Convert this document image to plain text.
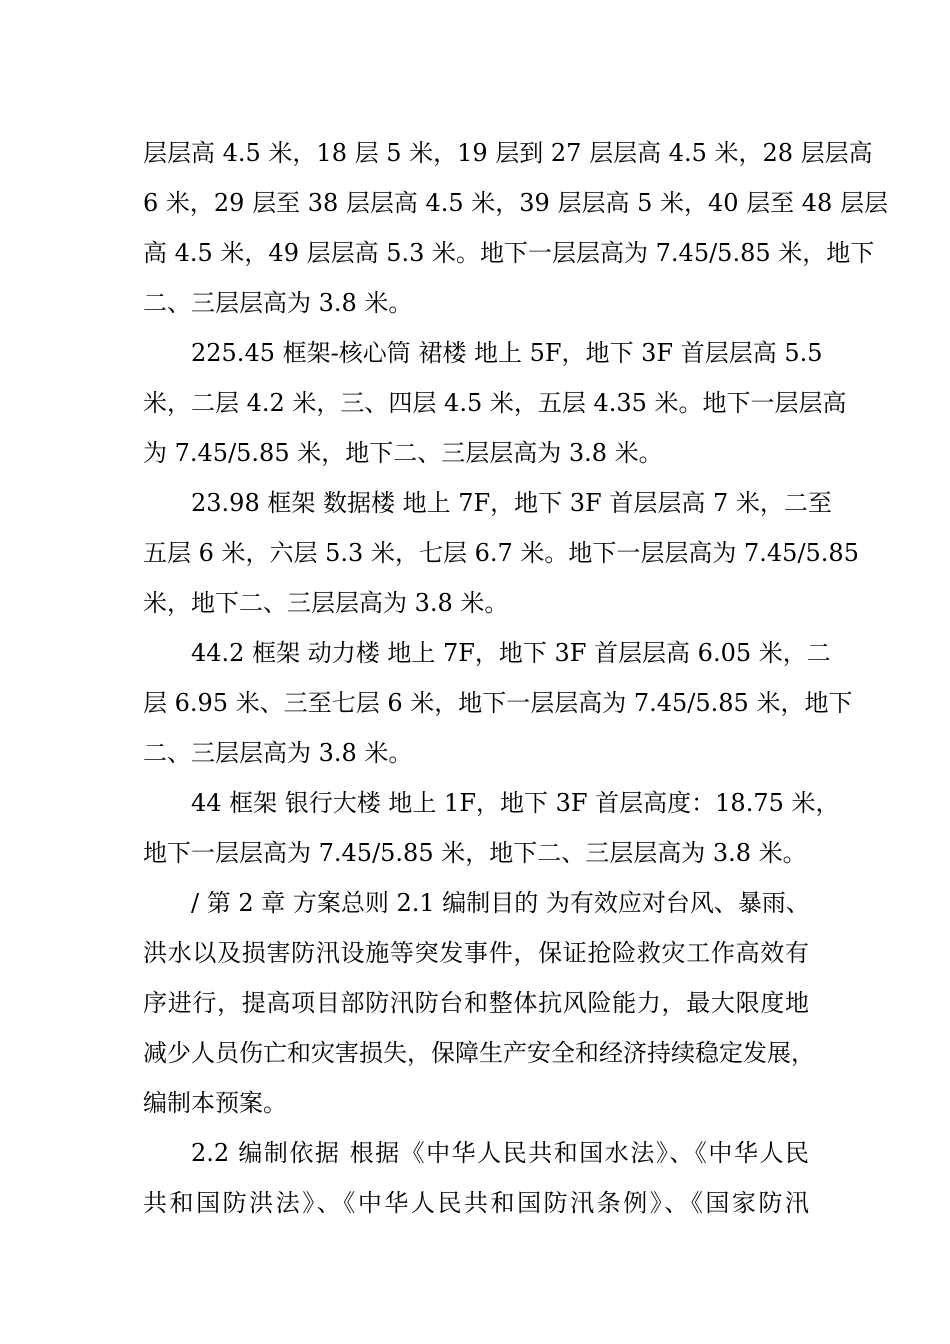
层层高 4.5 米，18 层 5 米，19 层到 27 层层高 4.5 米，28 层层高
6 米，29 层至 38 层层高 4.5 米，39 层层高 5 米，40 层至 48 层层
高 4.5 米，49 层层高 5.3 米。地下一层层高为 7.45/5.85 米，地下
二、三层层高为 3.8 米。
225.45 框架-核心筒 裙楼 地上 5F，地下 3F 首层层高 5.5
米，二层 4.2 米，三、四层 4.5 米，五层 4.35 米。地下一层层高
为 7.45/5.85 米，地下二、三层层高为 3.8 米。
23.98 框架 数据楼 地上 7F，地下 3F 首层层高 7 米，二至
五层 6 米，六层 5.3 米，七层 6.7 米。地下一层层高为 7.45/5.85
米，地下二、三层层高为 3.8 米。
44.2 框架 动力楼 地上 7F，地下 3F 首层层高 6.05 米，二
层 6.95 米、三至七层 6 米，地下一层层高为 7.45/5.85 米，地下
二、三层层高为 3.8 米。
44 框架 银行大楼 地上 1F，地下 3F 首层高度：18.75 米，
地下一层层高为 7.45/5.85 米，地下二、三层层高为 3.8 米。
/ 第 2 章 方案总则 2.1 编制目的 为有效应对台风、暴雨、
洪水以及损害防汛设施等突发事件，保证抢险救灾工作高效有
序进行，提高项目部防汛防台和整体抗风险能力，最大限度地
减少人员伤亡和灾害损失，保障生产安全和经济持续稳定发展，
编制本预案。
2.2 编制依据 根据《中华人民共和国水法》、《中华人民
共和国防洪法》、《中华人民共和国防汛条例》、《国家防汛
